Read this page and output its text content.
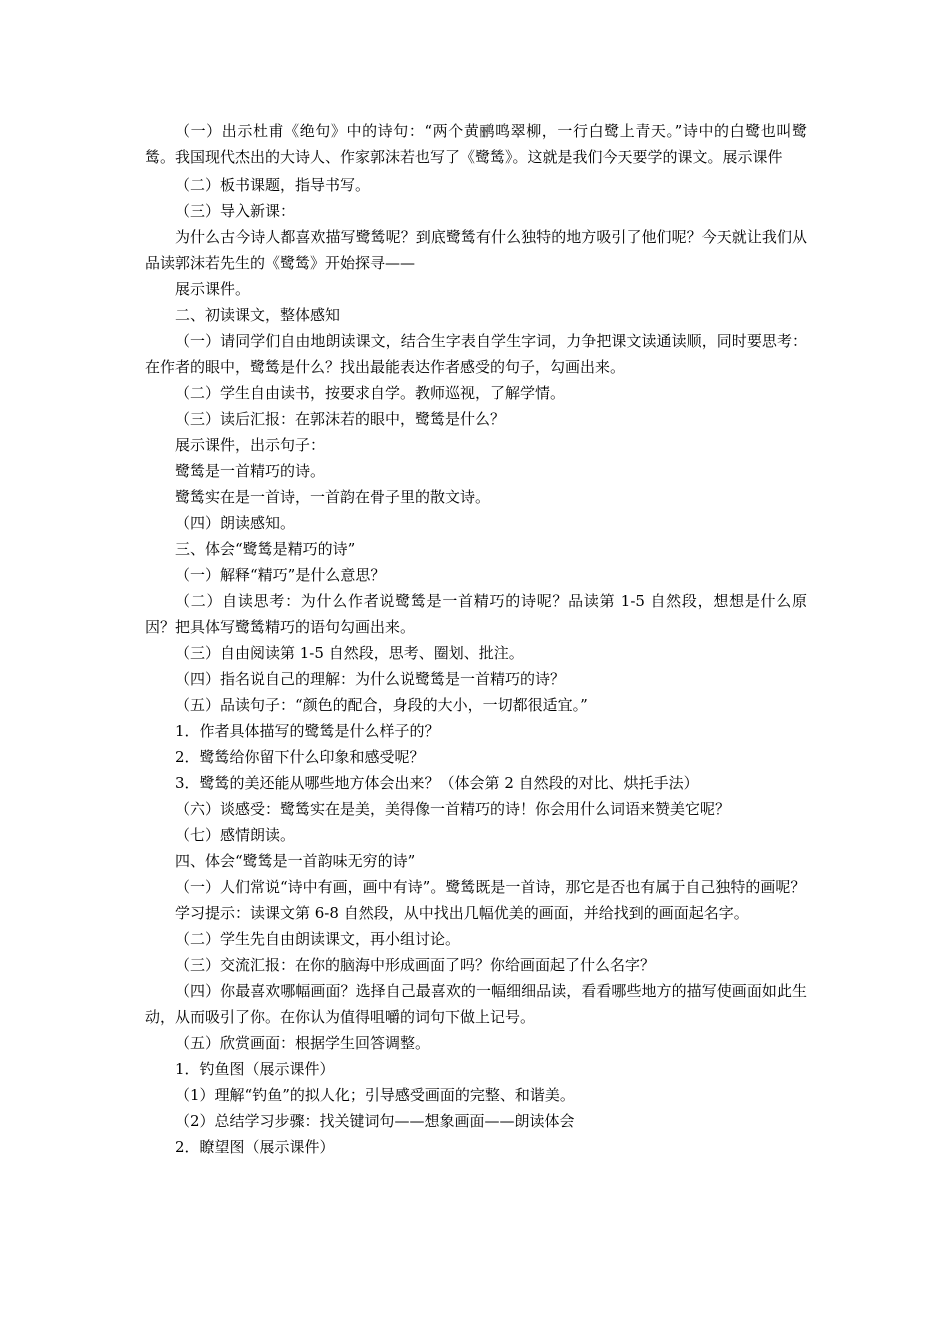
（一）出示杜甫《绝句》中的诗句：“两个黄鹂鸣翠柳，一行白鹭上青天。”诗中的白鹭也叫鹭鸶。我国现代杰出的大诗人、作家郭沫若也写了《鹭鸶》。这就是我们今天要学的课文。展示课件

（二）板书课题，指导书写。

（三）导入新课：

为什么古今诗人都喜欢描写鹭鸶呢？到底鹭鸶有什么独特的地方吸引了他们呢？今天就让我们从品读郭沫若先生的《鹭鸶》开始探寻——

展示课件。

二、初读课文，整体感知

（一）请同学们自由地朗读课文，结合生字表自学生字词，力争把课文读通读顺，同时要思考：在作者的眼中，鹭鸶是什么？找出最能表达作者感受的句子，勾画出来。

（二）学生自由读书，按要求自学。教师巡视，了解学情。

（三）读后汇报：在郭沫若的眼中，鹭鸶是什么？

展示课件，出示句子：

鹭鸶是一首精巧的诗。

鹭鸶实在是一首诗，一首韵在骨子里的散文诗。

（四）朗读感知。

三、体会“鹭鸶是精巧的诗”

（一）解释“精巧”是什么意思？

（二）自读思考：为什么作者说鹭鸶是一首精巧的诗呢？品读第 1-5 自然段，想想是什么原因？把具体写鹭鸶精巧的语句勾画出来。

（三）自由阅读第 1-5 自然段，思考、圈划、批注。

（四）指名说自己的理解：为什么说鹭鸶是一首精巧的诗？

（五）品读句子：“颜色的配合，身段的大小，一切都很适宜。”

1．作者具体描写的鹭鸶是什么样子的？

2．鹭鸶给你留下什么印象和感受呢？

3．鹭鸶的美还能从哪些地方体会出来？（体会第 2 自然段的对比、烘托手法）

（六）谈感受：鹭鸶实在是美，美得像一首精巧的诗！你会用什么词语来赞美它呢？

（七）感情朗读。

四、体会“鹭鸶是一首韵味无穷的诗”

（一）人们常说“诗中有画，画中有诗”。鹭鸶既是一首诗，那它是否也有属于自己独特的画呢？

学习提示：读课文第 6-8 自然段，从中找出几幅优美的画面，并给找到的画面起名字。

（二）学生先自由朗读课文，再小组讨论。

（三）交流汇报：在你的脑海中形成画面了吗？你给画面起了什么名字？

（四）你最喜欢哪幅画面？选择自己最喜欢的一幅细细品读，看看哪些地方的描写使画面如此生动，从而吸引了你。在你认为值得咀嚼的词句下做上记号。

（五）欣赏画面：根据学生回答调整。

1．钓鱼图（展示课件）

（1）理解“钓鱼”的拟人化；引导感受画面的完整、和谐美。

（2）总结学习步骤：找关键词句——想象画面——朗读体会

2．瞭望图（展示课件）
